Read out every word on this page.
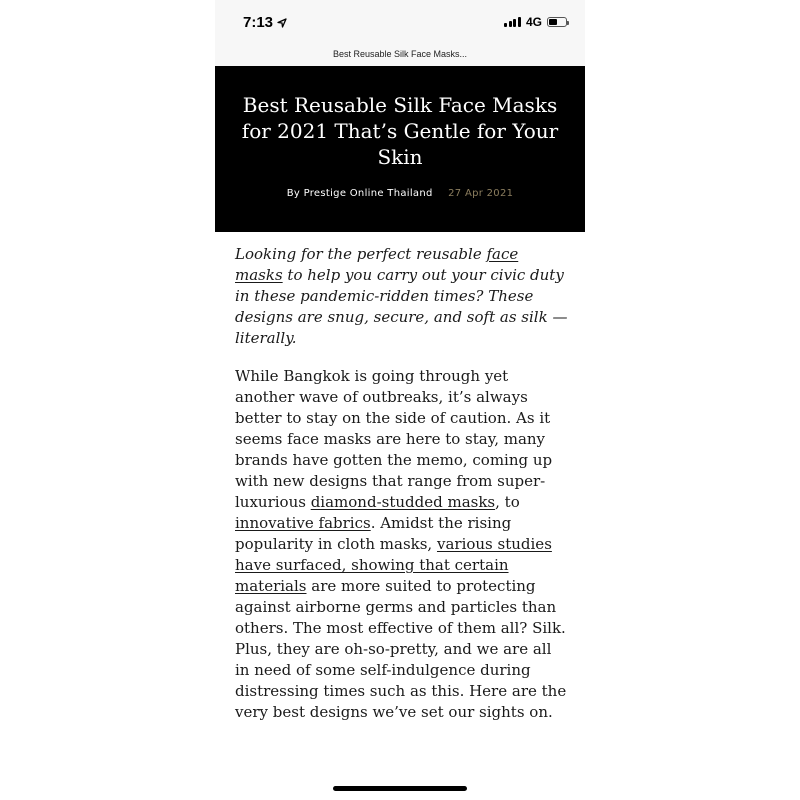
7:13	4G
Best Reusable Silk Face Masks...
Best Reusable Silk Face Masks for 2021 That’s Gentle for Your Skin
By Prestige Online Thailand 27 Apr 2021

Looking for the perfect reusable face masks to help you carry out your civic duty in these pandemic-ridden times? These designs are snug, secure, and soft as silk — literally.

While Bangkok is going through yet another wave of outbreaks, it’s always better to stay on the side of caution. As it seems face masks are here to stay, many brands have gotten the memo, coming up with new designs that range from super-luxurious diamond-studded masks, to innovative fabrics. Amidst the rising popularity in cloth masks, various studies have surfaced, showing that certain materials are more suited to protecting against airborne germs and particles than others. The most effective of them all? Silk. Plus, they are oh-so-pretty, and we are all in need of some self-indulgence during distressing times such as this. Here are the very best designs we’ve set our sights on.
